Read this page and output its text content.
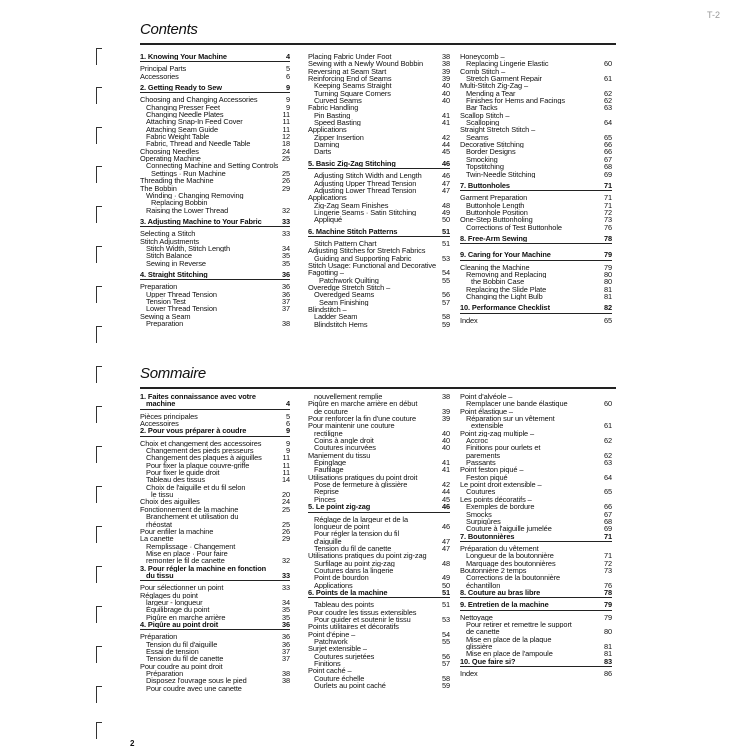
T-2
Contents
1. Knowing Your Machine	4
Principal Parts	5
Accessories	6
2. Getting Ready to Sew	9
Choosing and Changing Accessories	9
Changing Presser Feet	9
Changing Needle Plates	11
Attaching Snap-In Feed Cover	11
Attaching Seam Guide	11
Fabric Weight Table	12
Fabric, Thread and Needle Table	18
Choosing Needles	24
Operating Machine	25
Connecting Machine and Setting Controls
Settings · Run Machine	25
Threading the Machine	26
The Bobbin	29
Winding · Changing Removing
Replacing Bobbin
Raising the Lower Thread	32
3. Adjusting Machine to Your Fabric	33
Selecting a Stitch	33
Stitch Adjustments
Stitch Width, Stitch Length	34
Stitch Balance	35
Sewing in Reverse	35
4. Straight Stitching	36
Preparation	36
Upper Thread Tension	36
Tension Test	37
Lower Thread Tension	37
Sewing a Seam
Preparation	38
Placing Fabric Under Foot	38
Sewing with a Newly Wound Bobbin	38
Reversing at Seam Start	39
Reinforcing End of Seams	39
Keeping Seams Straight	40
Turning Square Corners	40
Curved Seams	40
Fabric Handling
Pin Basting	41
Speed Basting	41
Applications
Zipper Insertion	42
Darning	44
Darts	45
5. Basic Zig-Zag Stitching	46
Adjusting Stitch Width and Length	46
Adjusting Upper Thread Tension	47
Adjusting Lower Thread Tension	47
Applications
Zig-Zag Seam Finishes	48
Lingerie Seams · Satin Stitching	49
Appliqué	50
6. Machine Stitch Patterns	51
Stitch Pattern Chart	51
Adjusting Stitches for Stretch Fabrics
Guiding and Supporting Fabric	53
Stitch Usage: Functional and Decorative
Fagotting –	54
Patchwork Quilting	55
Overedge Stretch Stitch –
Overedged Seams	56
Seam Finishing	57
Blindstitch –
Ladder Seam	58
Blindstitch Hems	59
Honeycomb –
Replacing Lingerie Elastic	60
Comb Stitch –
Stretch Garment Repair	61
Multi-Stitch Zig-Zag –
Mending a Tear	62
Finishes for Hems and Facings	62
Bar Tacks	63
Scallop Stitch –
Scalloping	64
Straight Stretch Stitch –
Seams	65
Decorative Stitching	66
Border Designs	66
Smocking	67
Topstitching	68
Twin-Needle Stitching	69
7. Buttonholes	71
Garment Preparation	71
Buttonhole Length	71
Buttonhole Position	72
One-Step Buttonholing	73
Corrections of Test Buttonhole	76
8. Free-Arm Sewing	78
9. Caring for Your Machine	79
Cleaning the Machine	79
Removing and Replacing	80
the Bobbin Case	80
Replacing the Slide Plate	81
Changing the Light Bulb	81
10. Performance Checklist	82
Index	65
Sommaire
1. Faites connaissance avec votre
machine	4
Pièces principales	5
Accessoires	6
2. Pour vous préparer à coudre	9
Choix et changement des accessoires	9
Changement des pieds presseurs	9
Changement des plaques à aiguilles	11
Pour fixer la plaque couvre-griffe	11
Pour fixer le guide droit	11
Tableau des tissus	14
Choix de l'aiguille et du fil selon
le tissu	20
Choix des aiguilles	24
Fonctionnement de la machine	25
Branchement et utilisation du
rhéostat	25
Pour enfiler la machine	26
La canette	29
Remplissage · Changement
Mise en place · Pour faire
remonter le fil de canette	32
3. Pour régler la machine en fonction
du tissu	33
Pour sélectionner un point	33
Réglages du point
largeur - longueur	34
Équilibrage du point	35
Piqûre en marche arrière	35
4. Piqûre au point droit	36
Préparation	36
Tension du fil d'aiguille	36
Essai de tension	37
Tension du fil de canette	37
Pour coudre au point droit
Préparation	38
Disposez l'ouvrage sous le pied	38
Pour coudre avec une canette
nouvellement remplie	38
Piqûre en marche arrière en début
de couture	39
Pour renforcer la fin d'une couture	39
Pour maintenir une couture
rectiligne	40
Coins à angle droit	40
Coutures incurvées	40
Maniement du tissu
Épinglage	41
Faufilage	41
Utilisations pratiques du point droit
Pose de fermeture à glissière	42
Reprise	44
Pinces	45
5. Le point zig-zag	46
Réglage de la largeur et de la
longueur de point	46
Pour régler la tension du fil
d'aiguille	47
Tension du fil de canette	47
Utilisations pratiques du point zig-zag
Surfilage au point zig-zag	48
Coutures dans la lingerie
Point de bourdon	49
Applications	50
6. Points de la machine	51
Tableau des points	51
Pour coudre les tissus extensibles
Pour guider et soutenir le tissu	53
Points utilitaires et décoratifs
Point d'épine –	54
Patchwork	55
Surjet extensible –
Coutures surjetées	56
Finitions	57
Point caché –
Couture échelle	58
Ourlets au point caché	59
Point d'alvéole –
Remplacer une bande élastique	60
Point élastique –
Réparation sur un vêtement
extensible	61
Point zig-zag multiple –
Accroc	62
Finitions pour ourlets et
parements	62
Passants	63
Point feston piqué –
Feston piqué	64
Le point droit extensible –
Coutures	65
Les points décoratifs –
Exemples de bordure	66
Smocks	67
Surpiqûres	68
Couture à l'aiguille jumelée	69
7. Boutonnières	71
Préparation du vêtement
Longueur de la boutonnière	71
Marquage des boutonnières	72
Boutonnière 2 temps	73
Corrections de la boutonnière
échantillon	76
8. Couture au bras libre	78
9. Entretien de la machine	79
Nettoyage	79
Pour retirer et remettre le support
de canette	80
Mise en place de la plaque
glissière	81
Mise en place de l'ampoule	81
10. Que faire si?	83
Index	86
2
